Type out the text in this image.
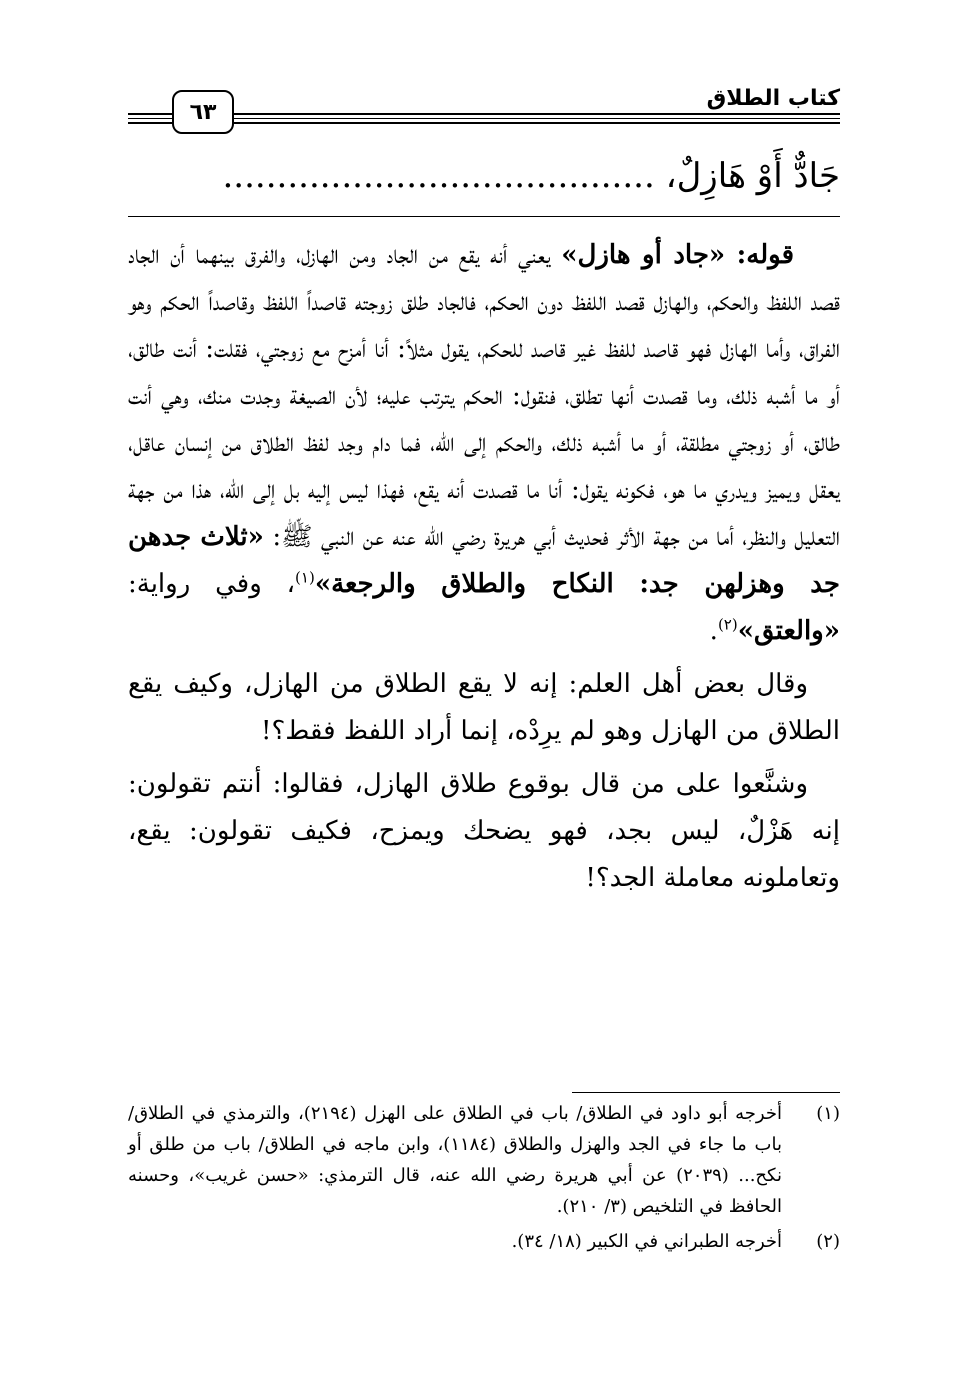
٦٣
كتاب الطلاق
جَادٌّ أَوْ هَازِلٌ، ........................................

قوله: «جاد أو هازل» يعني أنه يقع من الجاد ومن الهازل، والفرق بينهما أن الجاد قصد اللفظ والحكم، والهازل قصد اللفظ دون الحكم، فالجاد طلق زوجته قاصداً اللفظ وقاصداً الحكم وهو الفراق، وأما الهازل فهو قاصد للفظ غير قاصد للحكم، يقول مثلاً: أنا أمزح مع زوجتي، فقلت: أنت طالق، أو ما أشبه ذلك، وما قصدت أنها تطلق، فنقول: الحكم يترتب عليه؛ لأن الصيغة وجدت منك، وهي أنت طالق، أو زوجتي مطلقة، أو ما أشبه ذلك، والحكم إلى الله، فما دام وجد لفظ الطلاق من إنسان عاقل، يعقل ويميز ويدري ما هو، فكونه يقول: أنا ما قصدت أنه يقع، فهذا ليس إليه بل إلى الله، هذا من جهة التعليل والنظر، أما من جهة الأثر فحديث أبي هريرة رضي الله عنه عن النبي ﷺ: «ثلاث جدهن جد وهزلهن جد: النكاح والطلاق والرجعة»$^{(١)}$، وفي رواية: «والعتق»$^{(٢)}$.

وقال بعض أهل العلم: إنه لا يقع الطلاق من الهازل، وكيف يقع الطلاق من الهازل وهو لم يرِدْه، إنما أراد اللفظ فقط؟!

وشنَّعوا على من قال بوقوع طلاق الهازل، فقالوا: أنتم تقولون: إنه هَزْلٌ، ليس بجد، فهو يضحك ويمزح، فكيف تقولون: يقع، وتعاملونه معاملة الجد؟!

(١)
أخرجه أبو داود في الطلاق/ باب في الطلاق على الهزل (٢١٩٤)، والترمذي في الطلاق/ باب ما جاء في الجد والهزل والطلاق (١١٨٤)، وابن ماجه في الطلاق/ باب من طلق أو نكح... (٢٠٣٩) عن أبي هريرة رضي الله عنه، قال الترمذي: «حسن غريب»، وحسنه الحافظ في التلخيص (٣/ ٢١٠).
(٢)
أخرجه الطبراني في الكبير (١٨/ ٣٤).
